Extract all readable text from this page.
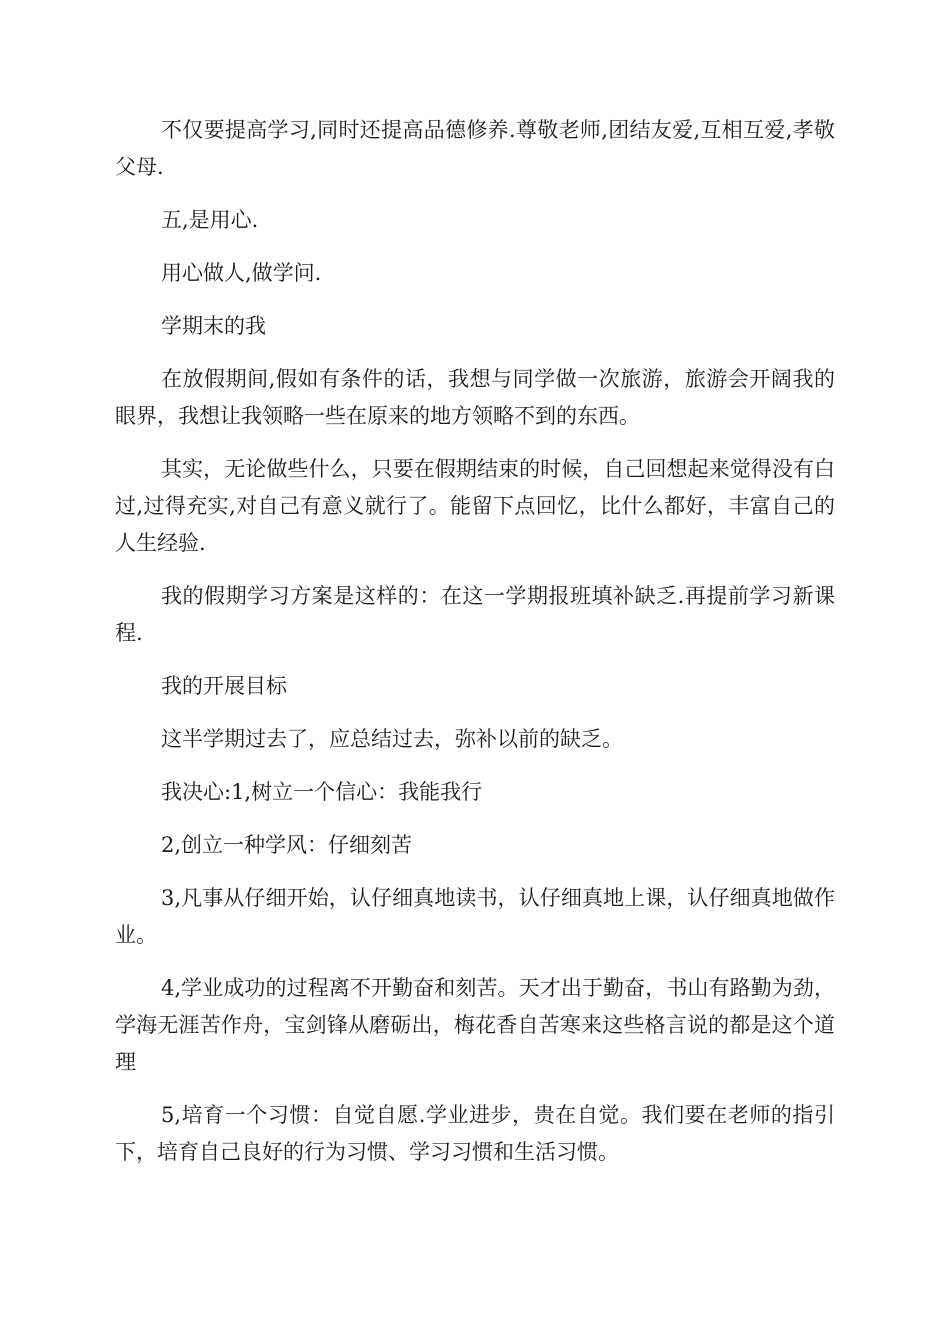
不仅要提高学习,同时还提高品德修养.尊敬老师,团结友爱,互相互爱,孝敬父母.

五,是用心.

用心做人,做学问.

学期末的我

在放假期间,假如有条件的话，我想与同学做一次旅游，旅游会开阔我的眼界，我想让我领略一些在原来的地方领略不到的东西。

其实，无论做些什么，只要在假期结束的时候，自己回想起来觉得没有白过,过得充实,对自己有意义就行了。能留下点回忆，比什么都好，丰富自己的人生经验.

我的假期学习方案是这样的：在这一学期报班填补缺乏.再提前学习新课程.

我的开展目标

这半学期过去了，应总结过去，弥补以前的缺乏。

我决心:1,树立一个信心：我能我行

2,创立一种学风：仔细刻苦

3,凡事从仔细开始，认仔细真地读书，认仔细真地上课，认仔细真地做作业。

4,学业成功的过程离不开勤奋和刻苦。天才出于勤奋，书山有路勤为劲，学海无涯苦作舟，宝剑锋从磨砺出，梅花香自苦寒来这些格言说的都是这个道理

5,培育一个习惯：自觉自愿.学业进步，贵在自觉。我们要在老师的指引下，培育自己良好的行为习惯、学习习惯和生活习惯。
